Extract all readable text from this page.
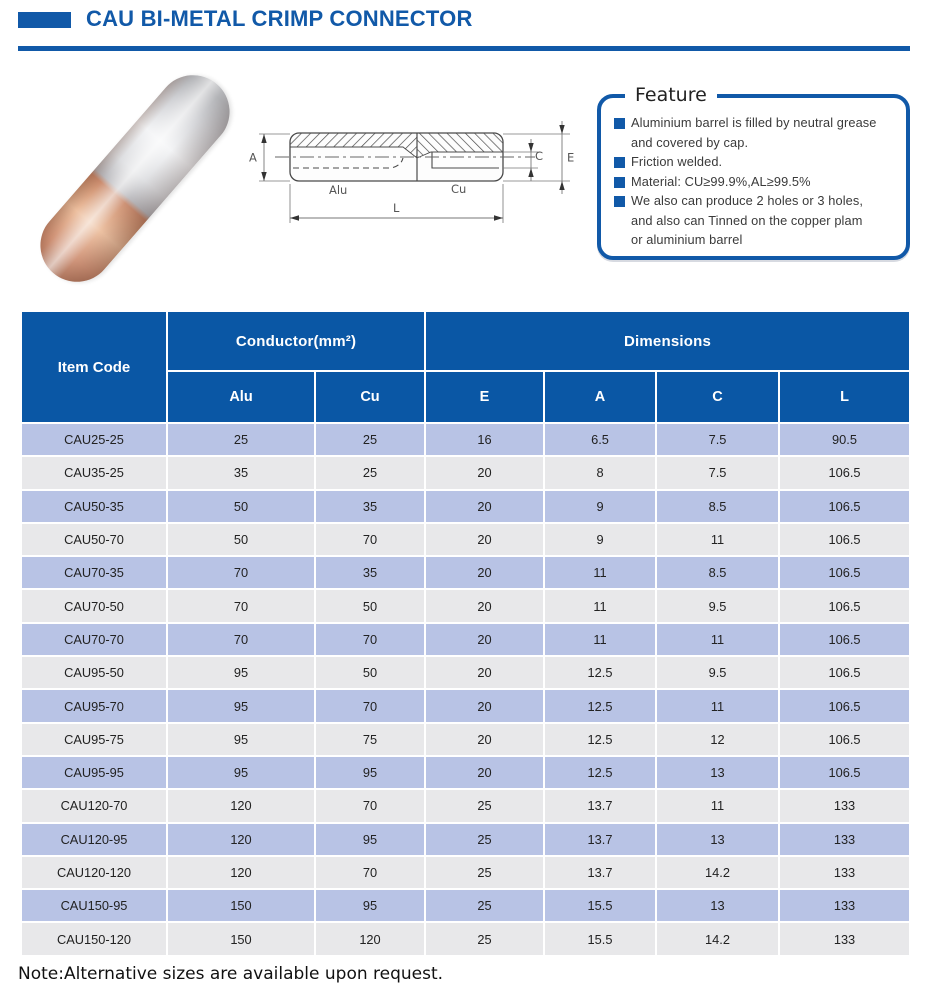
CAU BI-METAL CRIMP CONNECTOR
A	C E
L
Alu	Cu
Feature
Aluminium barrel is filled by neutral grease
and covered by cap.
Friction welded.
Material: CU≥99.9%,AL≥99.5%
We also can produce 2 holes or 3 holes,
and also can Tinned on the copper plam
or aluminium barrel
Item Code	Conductor(mm²)		Dimensions			
	Alu	Cu	E	A	C	L
CAU25-25	25	25	16	6.5	7.5	90.5
CAU35-25	35	25	20	8	7.5	106.5
CAU50-35	50	35	20	9	8.5	106.5
CAU50-70	50	70	20	9	11	106.5
CAU70-35	70	35	20	11	8.5	106.5
CAU70-50	70	50	20	11	9.5	106.5
CAU70-70	70	70	20	11	11	106.5
CAU95-50	95	50	20	12.5	9.5	106.5
CAU95-70	95	70	20	12.5	11	106.5
CAU95-75	95	75	20	12.5	12	106.5
CAU95-95	95	95	20	12.5	13	106.5
CAU120-70	120	70	25	13.7	11	133
CAU120-95	120	95	25	13.7	13	133
CAU120-120	120	70	25	13.7	14.2	133
CAU150-95	150	95	25	15.5	13	133
CAU150-120	150	120	25	15.5	14.2	133
Note:Alternative sizes are available upon request.
